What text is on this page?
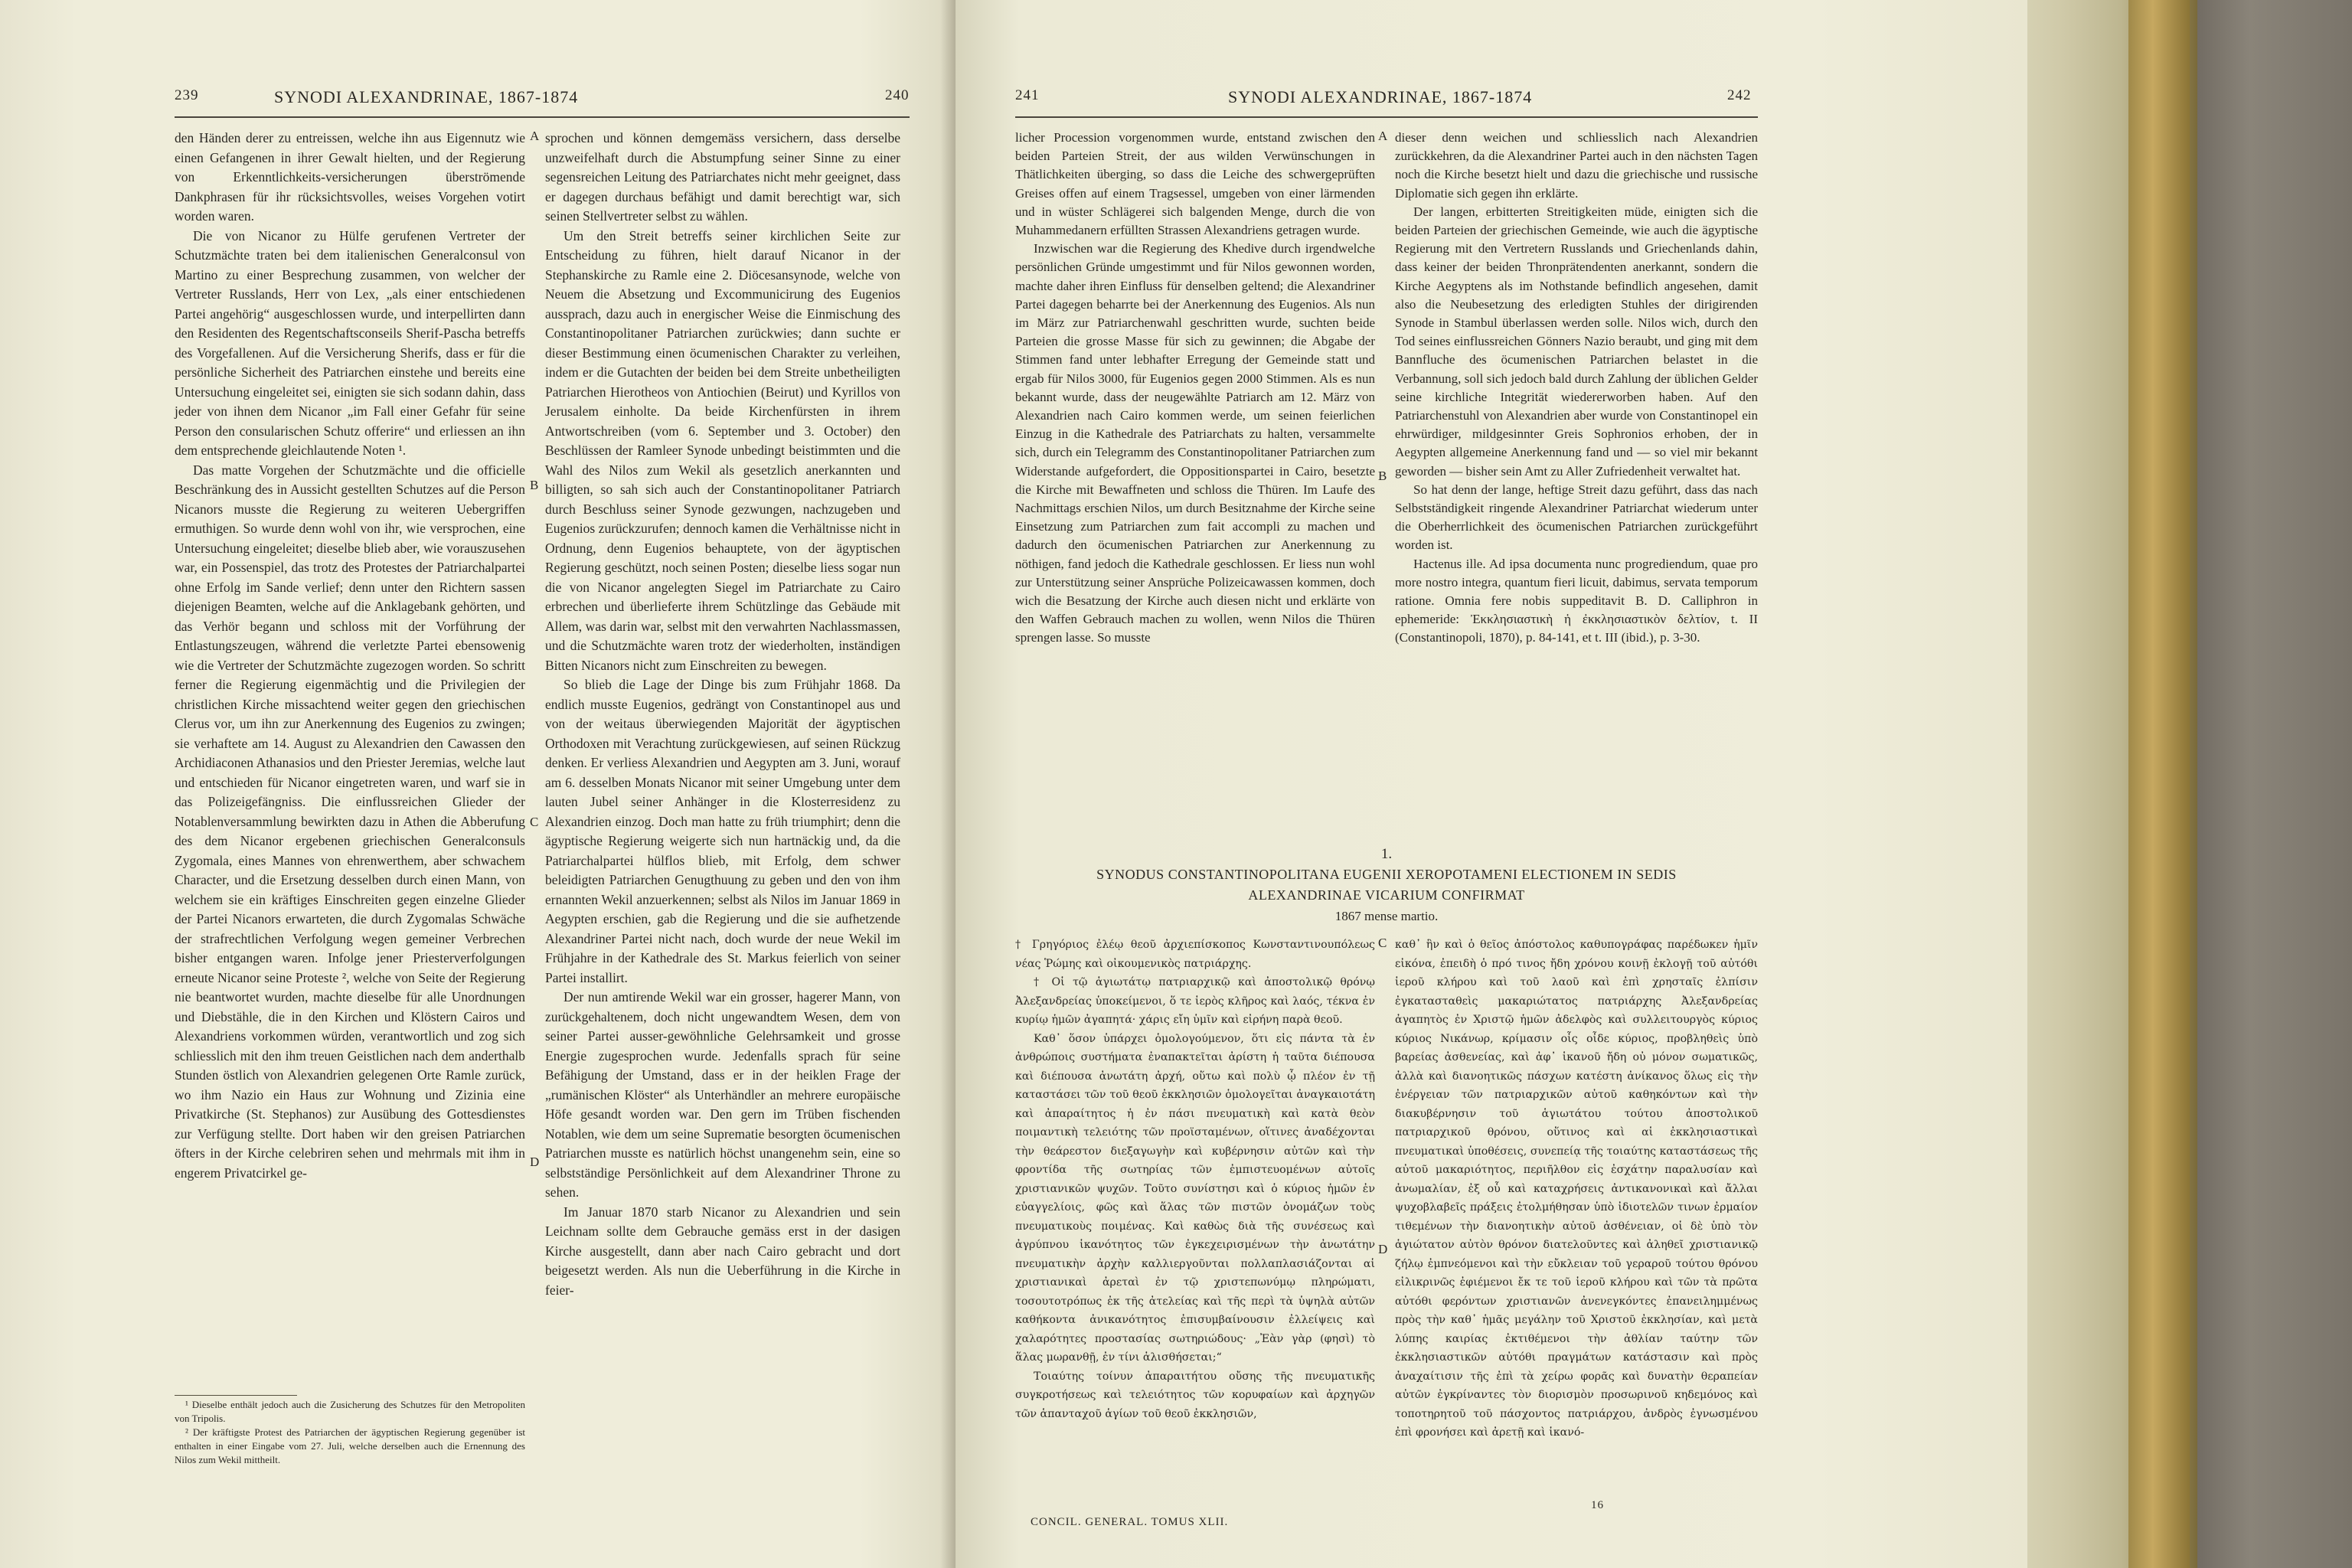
239	SYNODI ALEXANDRINAE, 1867-1874	240

den Händen derer zu entreissen, welche ihn aus Eigennutz wie einen Gefangenen in ihrer Gewalt hielten, und der Regierung von Erkenntlichkeits-versicherungen überströmende Dankphrasen für ihr rücksichtsvolles, weises Vorgehen votirt worden waren.

Die von Nicanor zu Hülfe gerufenen Vertreter der Schutzmächte traten bei dem italienischen Generalconsul von Martino zu einer Besprechung zusammen, von welcher der Vertreter Russlands, Herr von Lex, „als einer entschiedenen Partei angehörig“ ausgeschlossen wurde, und interpellirten dann den Residenten des Regentschaftsconseils Sherif-Pascha betreffs des Vorgefallenen. Auf die Versicherung Sherifs, dass er für die persönliche Sicherheit des Patriarchen einstehe und bereits eine Untersuchung eingeleitet sei, einigten sie sich sodann dahin, dass jeder von ihnen dem Nicanor „im Fall einer Gefahr für seine Person den consularischen Schutz offerire“ und erliessen an ihn dem entsprechende gleichlautende Noten ¹.

Das matte Vorgehen der Schutzmächte und die officielle Beschränkung des in Aussicht gestellten Schutzes auf die Person Nicanors musste die Regierung zu weiteren Uebergriffen ermuthigen. So wurde denn wohl von ihr, wie versprochen, eine Untersuchung eingeleitet; dieselbe blieb aber, wie vorauszusehen war, ein Possenspiel, das trotz des Protestes der Patriarchalpartei ohne Erfolg im Sande verlief; denn unter den Richtern sassen diejenigen Beamten, welche auf die Anklagebank gehörten, und das Verhör begann und schloss mit der Vorführung der Entlastungszeugen, während die verletzte Partei ebensowenig wie die Vertreter der Schutzmächte zugezogen worden. So schritt ferner die Regierung eigenmächtig und die Privilegien der christlichen Kirche missachtend weiter gegen den griechischen Clerus vor, um ihn zur Anerkennung des Eugenios zu zwingen; sie verhaftete am 14. August zu Alexandrien den Cawassen den Archidiaconen Athanasios und den Priester Jeremias, welche laut und entschieden für Nicanor eingetreten waren, und warf sie in das Polizeigefängniss. Die einflussreichen Glieder der Notablenversammlung bewirkten dazu in Athen die Abberufung des dem Nicanor ergebenen griechischen Generalconsuls Zygomala, eines Mannes von ehrenwerthem, aber schwachem Character, und die Ersetzung desselben durch einen Mann, von welchem sie ein kräftiges Einschreiten gegen einzelne Glieder der Partei Nicanors erwarteten, die durch Zygomalas Schwäche der strafrechtlichen Verfolgung wegen gemeiner Verbrechen bisher entgangen waren. Infolge jener Priesterverfolgungen erneute Nicanor seine Proteste ², welche von Seite der Regierung nie beantwortet wurden, machte dieselbe für alle Unordnungen und Diebstähle, die in den Kirchen und Klöstern Cairos und Alexandriens vorkommen würden, verantwortlich und zog sich schliesslich mit den ihm treuen Geistlichen nach dem anderthalb Stunden östlich von Alexandrien gelegenen Orte Ramle zurück, wo ihm Nazio ein Haus zur Wohnung und Zizinia eine Privatkirche (St. Stephanos) zur Ausübung des Gottesdienstes zur Verfügung stellte. Dort haben wir den greisen Patriarchen öfters in der Kirche celebriren sehen und mehrmals mit ihm in engerem Privatcirkel ge-

¹ Dieselbe enthält jedoch auch die Zusicherung des Schutzes für den Metropoliten von Tripolis.

² Der kräftigste Protest des Patriarchen der ägyptischen Regierung gegenüber ist enthalten in einer Eingabe vom 27. Juli, welche derselben auch die Ernennung des Nilos zum Wekil mittheilt.

A
B
C
D

sprochen und können demgemäss versichern, dass derselbe unzweifelhaft durch die Abstumpfung seiner Sinne zu einer segensreichen Leitung des Patriarchates nicht mehr geeignet, dass er dagegen durchaus befähigt und damit berechtigt war, sich seinen Stellvertreter selbst zu wählen.

Um den Streit betreffs seiner kirchlichen Seite zur Entscheidung zu führen, hielt darauf Nicanor in der Stephanskirche zu Ramle eine 2. Diöcesansynode, welche von Neuem die Absetzung und Excommunicirung des Eugenios aussprach, dazu auch in energischer Weise die Einmischung des Constantinopolitaner Patriarchen zurückwies; dann suchte er dieser Bestimmung einen öcumenischen Charakter zu verleihen, indem er die Gutachten der beiden bei dem Streite unbetheiligten Patriarchen Hierotheos von Antiochien (Beirut) und Kyrillos von Jerusalem einholte. Da beide Kirchenfürsten in ihrem Antwortschreiben (vom 6. September und 3. October) den Beschlüssen der Ramleer Synode unbedingt beistimmten und die Wahl des Nilos zum Wekil als gesetzlich anerkannten und billigten, so sah sich auch der Constantinopolitaner Patriarch durch Beschluss seiner Synode gezwungen, nachzugeben und Eugenios zurückzurufen; dennoch kamen die Verhältnisse nicht in Ordnung, denn Eugenios behauptete, von der ägyptischen Regierung geschützt, noch seinen Posten; dieselbe liess sogar nun die von Nicanor angelegten Siegel im Patriarchate zu Cairo erbrechen und überlieferte ihrem Schützlinge das Gebäude mit Allem, was darin war, selbst mit den verwahrten Nachlassmassen, und die Schutzmächte waren trotz der wiederholten, inständigen Bitten Nicanors nicht zum Einschreiten zu bewegen.

So blieb die Lage der Dinge bis zum Frühjahr 1868. Da endlich musste Eugenios, gedrängt von Constantinopel aus und von der weitaus überwiegenden Majorität der ägyptischen Orthodoxen mit Verachtung zurückgewiesen, auf seinen Rückzug denken. Er verliess Alexandrien und Aegypten am 3. Juni, worauf am 6. desselben Monats Nicanor mit seiner Umgebung unter dem lauten Jubel seiner Anhänger in die Klosterresidenz zu Alexandrien einzog. Doch man hatte zu früh triumphirt; denn die ägyptische Regierung weigerte sich nun hartnäckig und, da die Patriarchalpartei hülflos blieb, mit Erfolg, dem schwer beleidigten Patriarchen Genugthuung zu geben und den von ihm ernannten Wekil anzuerkennen; selbst als Nilos im Januar 1869 in Aegypten erschien, gab die Regierung und die sie aufhetzende Alexandriner Partei nicht nach, doch wurde der neue Wekil im Frühjahre in der Kathedrale des St. Markus feierlich von seiner Partei installirt.

Der nun amtirende Wekil war ein grosser, hagerer Mann, von zurückgehaltenem, doch nicht ungewandtem Wesen, dem von seiner Partei ausser-gewöhnliche Gelehrsamkeit und grosse Energie zugesprochen wurde. Jedenfalls sprach für seine Befähigung der Umstand, dass er in der heiklen Frage der „rumänischen Klöster“ als Unterhändler an mehrere europäische Höfe gesandt worden war. Den gern im Trüben fischenden Notablen, wie dem um seine Suprematie besorgten öcumenischen Patriarchen musste es natürlich höchst unangenehm sein, eine so selbstständige Persönlichkeit auf dem Alexandriner Throne zu sehen.

Im Januar 1870 starb Nicanor zu Alexandrien und sein Leichnam sollte dem Gebrauche gemäss erst in der dasigen Kirche ausgestellt, dann aber nach Cairo gebracht und dort beigesetzt werden. Als nun die Ueberführung in die Kirche in feier-

241	SYNODI ALEXANDRINAE, 1867-1874	242

licher Procession vorgenommen wurde, entstand zwischen den beiden Parteien Streit, der aus wilden Verwünschungen in Thätlichkeiten überging, so dass die Leiche des schwergeprüften Greises offen auf einem Tragsessel, umgeben von einer lärmenden und in wüster Schlägerei sich balgenden Menge, durch die von Muhammedanern erfüllten Strassen Alexandriens getragen wurde.

Inzwischen war die Regierung des Khedive durch irgendwelche persönlichen Gründe umgestimmt und für Nilos gewonnen worden, machte daher ihren Einfluss für denselben geltend; die Alexandriner Partei dagegen beharrte bei der Anerkennung des Eugenios. Als nun im März zur Patriarchenwahl geschritten wurde, suchten beide Parteien die grosse Masse für sich zu gewinnen; die Abgabe der Stimmen fand unter lebhafter Erregung der Gemeinde statt und ergab für Nilos 3000, für Eugenios gegen 2000 Stimmen. Als es nun bekannt wurde, dass der neugewählte Patriarch am 12. März von Alexandrien nach Cairo kommen werde, um seinen feierlichen Einzug in die Kathedrale des Patriarchats zu halten, versammelte sich, durch ein Telegramm des Constantinopolitaner Patriarchen zum Widerstande aufgefordert, die Oppositionspartei in Cairo, besetzte die Kirche mit Bewaffneten und schloss die Thüren. Im Laufe des Nachmittags erschien Nilos, um durch Besitznahme der Kirche seine Einsetzung zum Patriarchen zum fait accompli zu machen und dadurch den öcumenischen Patriarchen zur Anerkennung zu nöthigen, fand jedoch die Kathedrale geschlossen. Er liess nun wohl zur Unterstützung seiner Ansprüche Polizeicawassen kommen, doch wich die Besatzung der Kirche auch diesen nicht und erklärte von den Waffen Gebrauch machen zu wollen, wenn Nilos die Thüren sprengen lasse. So musste

A
B

dieser denn weichen und schliesslich nach Alexandrien zurückkehren, da die Alexandriner Partei auch in den nächsten Tagen noch die Kirche besetzt hielt und dazu die griechische und russische Diplomatie sich gegen ihn erklärte.

Der langen, erbitterten Streitigkeiten müde, einigten sich die beiden Parteien der griechischen Gemeinde, wie auch die ägyptische Regierung mit den Vertretern Russlands und Griechenlands dahin, dass keiner der beiden Thronprätendenten anerkannt, sondern die Kirche Aegyptens als im Nothstande befindlich angesehen, damit also die Neubesetzung des erledigten Stuhles der dirigirenden Synode in Stambul überlassen werden solle. Nilos wich, durch den Tod seines einflussreichen Gönners Nazio beraubt, und ging mit dem Bannfluche des öcumenischen Patriarchen belastet in die Verbannung, soll sich jedoch bald durch Zahlung der üblichen Gelder seine kirchliche Integrität wiedererworben haben. Auf den Patriarchenstuhl von Alexandrien aber wurde von Constantinopel ein ehrwürdiger, mildgesinnter Greis Sophronios erhoben, der in Aegypten allgemeine Anerkennung fand und — so viel mir bekannt geworden — bisher sein Amt zu Aller Zufriedenheit verwaltet hat.

So hat denn der lange, heftige Streit dazu geführt, dass das nach Selbstständigkeit ringende Alexandriner Patriarchat wiederum unter die Oberherrlichkeit des öcumenischen Patriarchen zurückgeführt worden ist.

Hactenus ille. Ad ipsa documenta nunc progrediendum, quae pro more nostro integra, quantum fieri licuit, dabimus, servata temporum ratione. Omnia fere nobis suppeditavit B. D. Calliphron in ephemeride: Ἐκκλησιαστικὴ ἡ ἐκκλησιαστικὸν δελτίον, t. II (Constantinopoli, 1870), p. 84-141, et t. III (ibid.), p. 3-30.

1.
SYNODUS CONSTANTINOPOLITANA EUGENII XEROPOTAMENI ELECTIONEM IN SEDIS
ALEXANDRINAE VICARIUM CONFIRMAT
1867 mense martio.
C
D

† Γρηγόριος ἐλέῳ θεοῦ ἀρχιεπίσκοπος Κωνσταντινουπόλεως νέας Ῥώμης καὶ οἰκουμενικὸς πατριάρχης.

† Οἱ τῷ ἁγιωτάτῳ πατριαρχικῷ καὶ ἀποστολικῷ θρόνῳ Ἀλεξανδρείας ὑποκείμενοι, ὅ τε ἱερὸς κλῆρος καὶ λαός, τέκνα ἐν κυρίῳ ἡμῶν ἀγαπητά· χάρις εἴη ὑμῖν καὶ εἰρήνη παρὰ θεοῦ.

Καθ᾽ ὅσον ὑπάρχει ὁμολογούμενον, ὅτι εἰς πάντα τὰ ἐν ἀνθρώποις συστήματα ἐναπακτεῖται ἀρίστη ἡ ταῦτα διέπουσα καὶ διέπουσα ἀνωτάτη ἀρχή, οὕτω καὶ πολὺ ᾧ πλέον ἐν τῇ καταστάσει τῶν τοῦ θεοῦ ἐκκλησιῶν ὁμολογεῖται ἀναγκαιοτάτη καὶ ἀπαραίτητος ἡ ἐν πάσι πνευματικὴ καὶ κατὰ θεὸν ποιμαντικὴ τελειότης τῶν προϊσταμένων, οἵτινες ἀναδέχονται τὴν θεάρεστον διεξαγωγὴν καὶ κυβέρνησιν αὐτῶν καὶ τὴν φροντίδα τῆς σωτηρίας τῶν ἐμπιστευομένων αὐτοῖς χριστιανικῶν ψυχῶν. Τοῦτο συνίστησι καὶ ὁ κύριος ἡμῶν ἐν εὐαγγελίοις, φῶς καὶ ἅλας τῶν πιστῶν ὀνομάζων τοὺς πνευματικοὺς ποιμένας. Καὶ καθὼς διὰ τῆς συνέσεως καὶ ἀγρύπνου ἱκανότητος τῶν ἐγκεχειρισμένων τὴν ἀνωτάτην πνευματικὴν ἀρχὴν καλλιεργοῦνται πολλαπλασιάζονται αἱ χριστιανικαὶ ἀρεταὶ ἐν τῷ χριστεπωνύμῳ πληρώματι, τοσουτοτρόπως ἐκ τῆς ἀτελείας καὶ τῆς περὶ τὰ ὑψηλὰ αὐτῶν καθήκοντα ἀνικανότητος ἐπισυμβαίνουσιν ἐλλείψεις καὶ χαλαρότητες προστασίας σωτηριώδους· „Ἐὰν γὰρ (φησὶ) τὸ ἅλας μωρανθῇ, ἐν τίνι ἁλισθήσεται;“

Τοιαύτης τοίνυν ἀπαραιτήτου οὔσης τῆς πνευματικῆς συγκροτήσεως καὶ τελειότητος τῶν κορυφαίων καὶ ἀρχηγῶν τῶν ἁπανταχοῦ ἁγίων τοῦ θεοῦ ἐκκλησιῶν,

καθ᾽ ἣν καὶ ὁ θεῖος ἀπόστολος καθυπογράφας παρέδωκεν ἡμῖν εἰκόνα, ἐπειδὴ ὁ πρό τινος ἤδη χρόνου κοινῇ ἐκλογῇ τοῦ αὐτόθι ἱεροῦ κλήρου καὶ τοῦ λαοῦ καὶ ἐπὶ χρησταῖς ἐλπίσιν ἐγκατασταθεὶς μακαριώτατος πατριάρχης Ἀλεξανδρείας ἀγαπητὸς ἐν Χριστῷ ἡμῶν ἀδελφὸς καὶ συλλειτουργὸς κύριος κύριος Νικάνωρ, κρίμασιν οἷς οἶδε κύριος, προβληθεὶς ὑπὸ βαρείας ἀσθενείας, καὶ ἀφ᾽ ἱκανοῦ ἤδη οὐ μόνον σωματικῶς, ἀλλὰ καὶ διανοητικῶς πάσχων κατέστη ἀνίκανος ὅλως εἰς τὴν ἐνέργειαν τῶν πατριαρχικῶν αὐτοῦ καθηκόντων καὶ τὴν διακυβέρνησιν τοῦ ἁγιωτάτου τούτου ἀποστολικοῦ πατριαρχικοῦ θρόνου, οὕτινος καὶ αἱ ἐκκλησιαστικαὶ πνευματικαὶ ὑποθέσεις, συνεπείᾳ τῆς τοιαύτης καταστάσεως τῆς αὐτοῦ μακαριότητος, περιῆλθον εἰς ἐσχάτην παραλυσίαν καὶ ἀνωμαλίαν, ἐξ οὗ καὶ καταχρήσεις ἀντικανονικαὶ καὶ ἄλλαι ψυχοβλαβεῖς πράξεις ἐτολμήθησαν ὑπὸ ἰδιοτελῶν τινων ἐρμαίον τιθεμένων τὴν διανοητικὴν αὐτοῦ ἀσθένειαν, οἱ δὲ ὑπὸ τὸν ἁγιώτατον αὐτὸν θρόνον διατελοῦντες καὶ ἀληθεῖ χριστιανικῷ ζήλῳ ἐμπνεόμενοι καὶ τὴν εὔκλειαν τοῦ γεραροῦ τούτου θρόνου εἰλικρινῶς ἐφιέμενοι ἔκ τε τοῦ ἱεροῦ κλήρου καὶ τῶν τὰ πρῶτα αὐτόθι φερόντων χριστιανῶν ἀνενεγκόντες ἐπανειλημμένως πρὸς τὴν καθ᾽ ἡμᾶς μεγάλην τοῦ Χριστοῦ ἐκκλησίαν, καὶ μετὰ λύπης καιρίας ἐκτιθέμενοι τὴν ἀθλίαν ταύτην τῶν ἐκκλησιαστικῶν αὐτόθι πραγμάτων κατάστασιν καὶ πρὸς ἀναχαίτισιν τῆς ἐπὶ τὰ χείρω φορᾶς καὶ δυνατὴν θεραπείαν αὐτῶν ἐγκρίναντες τὸν διορισμὸν προσωρινοῦ κηδεμόνος καὶ τοποτηρητοῦ τοῦ πάσχοντος πατριάρχου, ἀνδρὸς ἐγνωσμένου ἐπὶ φρονήσει καὶ ἀρετῇ καὶ ἱκανό-

CONCIL. GENERAL. TOMUS XLII.
16
